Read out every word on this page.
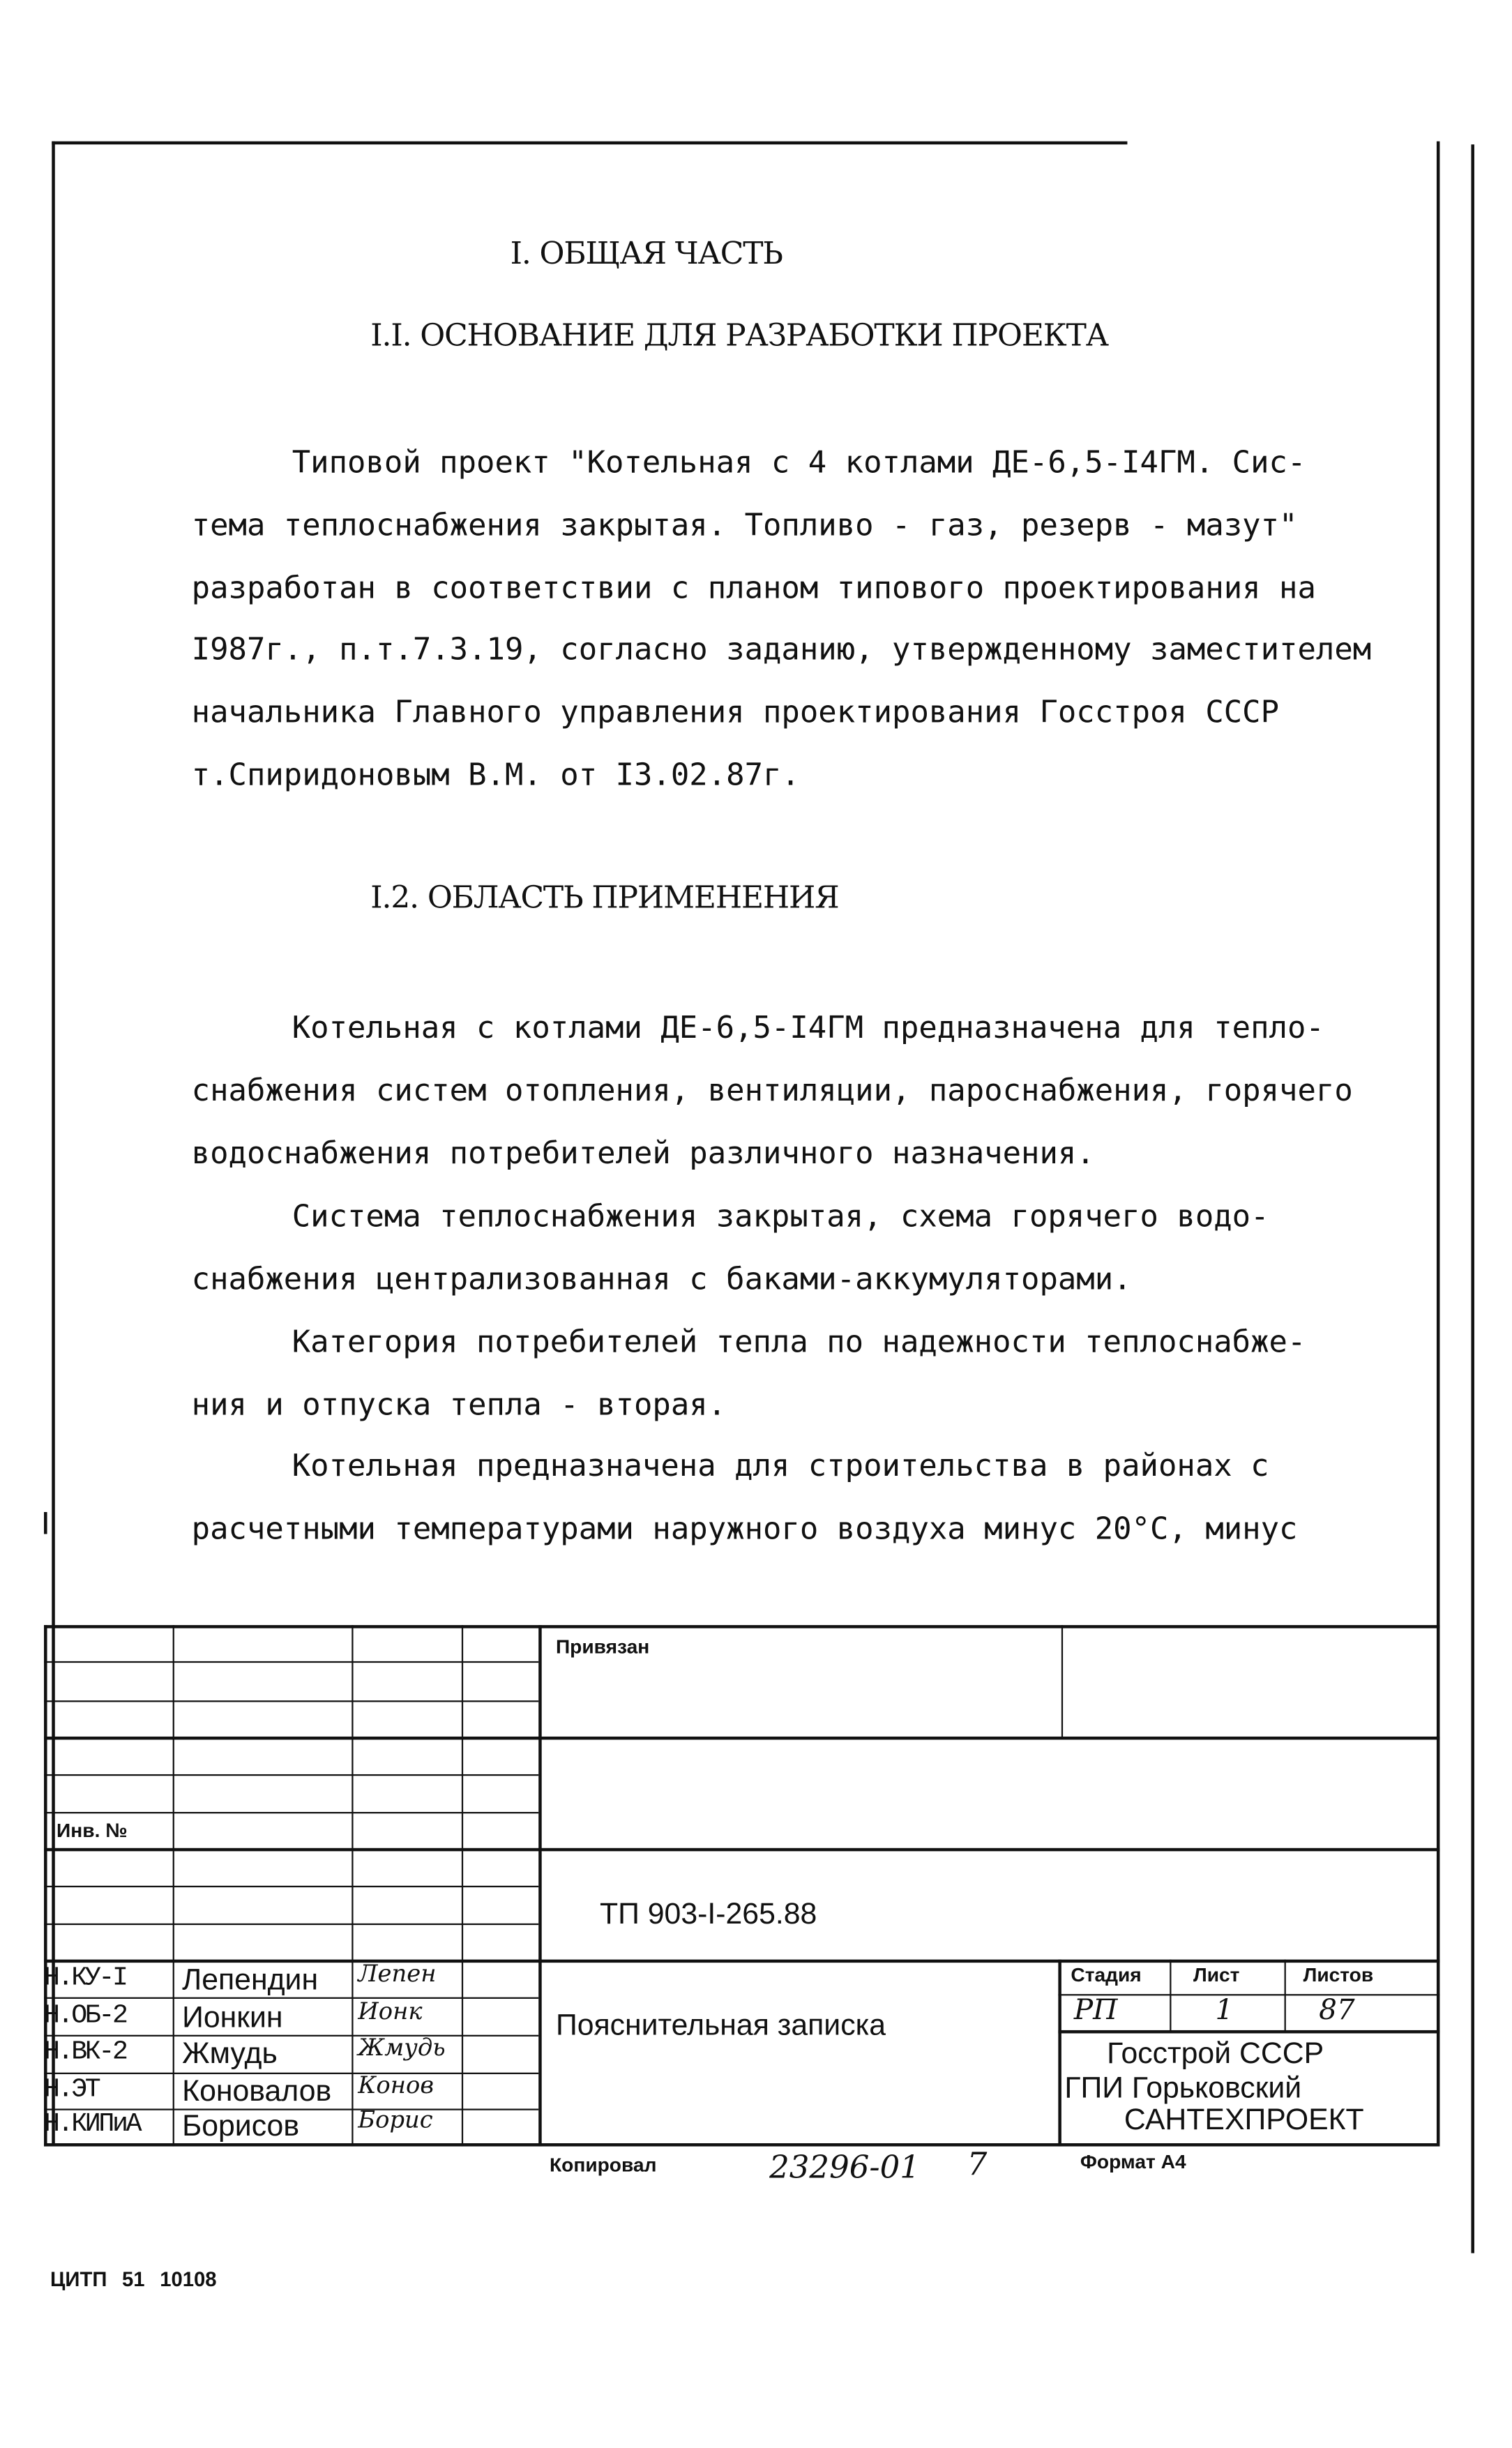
I. ОБЩАЯ ЧАСТЬ
I.I. ОСНОВАНИЕ ДЛЯ РАЗРАБОТКИ ПРОЕКТА
Типовой проект "Котельная с 4 котлами ДЕ-6,5-I4ГМ. Сис-
тема теплоснабжения закрытая. Топливо - газ, резерв - мазут"
разработан в соответствии с планом типового проектирования на
I987г., п.т.7.3.19, согласно заданию, утвержденному заместителем
начальника Главного управления проектирования Госстроя СССР
т.Спиридоновым В.М. от I3.02.87г.
I.2. ОБЛАСТЬ ПРИМЕНЕНИЯ
Котельная с котлами ДЕ-6,5-I4ГМ предназначена для тепло-
снабжения систем отопления, вентиляции, пароснабжения, горячего
водоснабжения потребителей различного назначения.
Система теплоснабжения закрытая, схема горячего водо-
снабжения централизованная с баками-аккумуляторами.
Категория потребителей тепла по надежности теплоснабже-
ния и отпуска тепла - вторая.
Котельная предназначена для строительства в районах с
расчетными температурами наружного воздуха минус 20°С, минус
Привязан
Инв. №
ТП 903-I-265.88
Пояснительная записка
Стадия	Лист	Листов
РП	1	87
Госстрой СССР
ГПИ Горьковский
САНТЕХПРОЕКТ
Н.КУ-I	Лепендин	Лепен
Н.ОБ-2	Ионкин	Ионк
Н.ВК-2	Жмудь	Жмудь
Н.ЭТ	Коновалов	Конов
Н.КИПиА	Борисов	Борис
Копировал	23296-01	7	Формат А4
ЦИТП 51 10108
